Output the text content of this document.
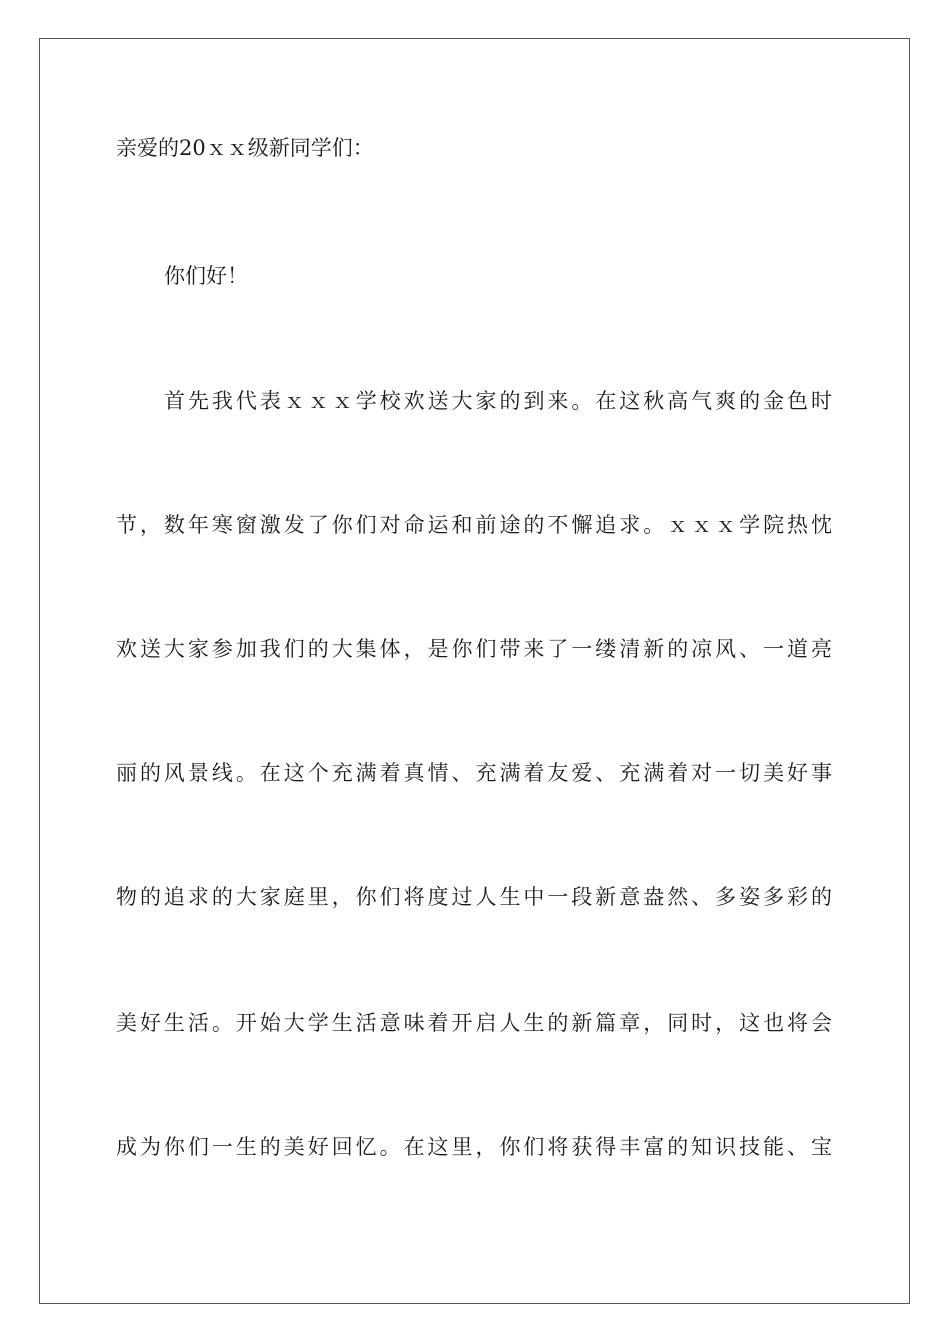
亲爱的20ｘｘ级新同学们：
你们好！
首先我代表ｘｘｘ学校欢送大家的到来。在这秋高气爽的金色时
节，数年寒窗激发了你们对命运和前途的不懈追求。ｘｘｘ学院热忱
欢送大家参加我们的大集体，是你们带来了一缕清新的凉风、一道亮
丽的风景线。在这个充满着真情、充满着友爱、充满着对一切美好事
物的追求的大家庭里，你们将度过人生中一段新意盎然、多姿多彩的
美好生活。开始大学生活意味着开启人生的新篇章，同时，这也将会
成为你们一生的美好回忆。在这里，你们将获得丰富的知识技能、宝
